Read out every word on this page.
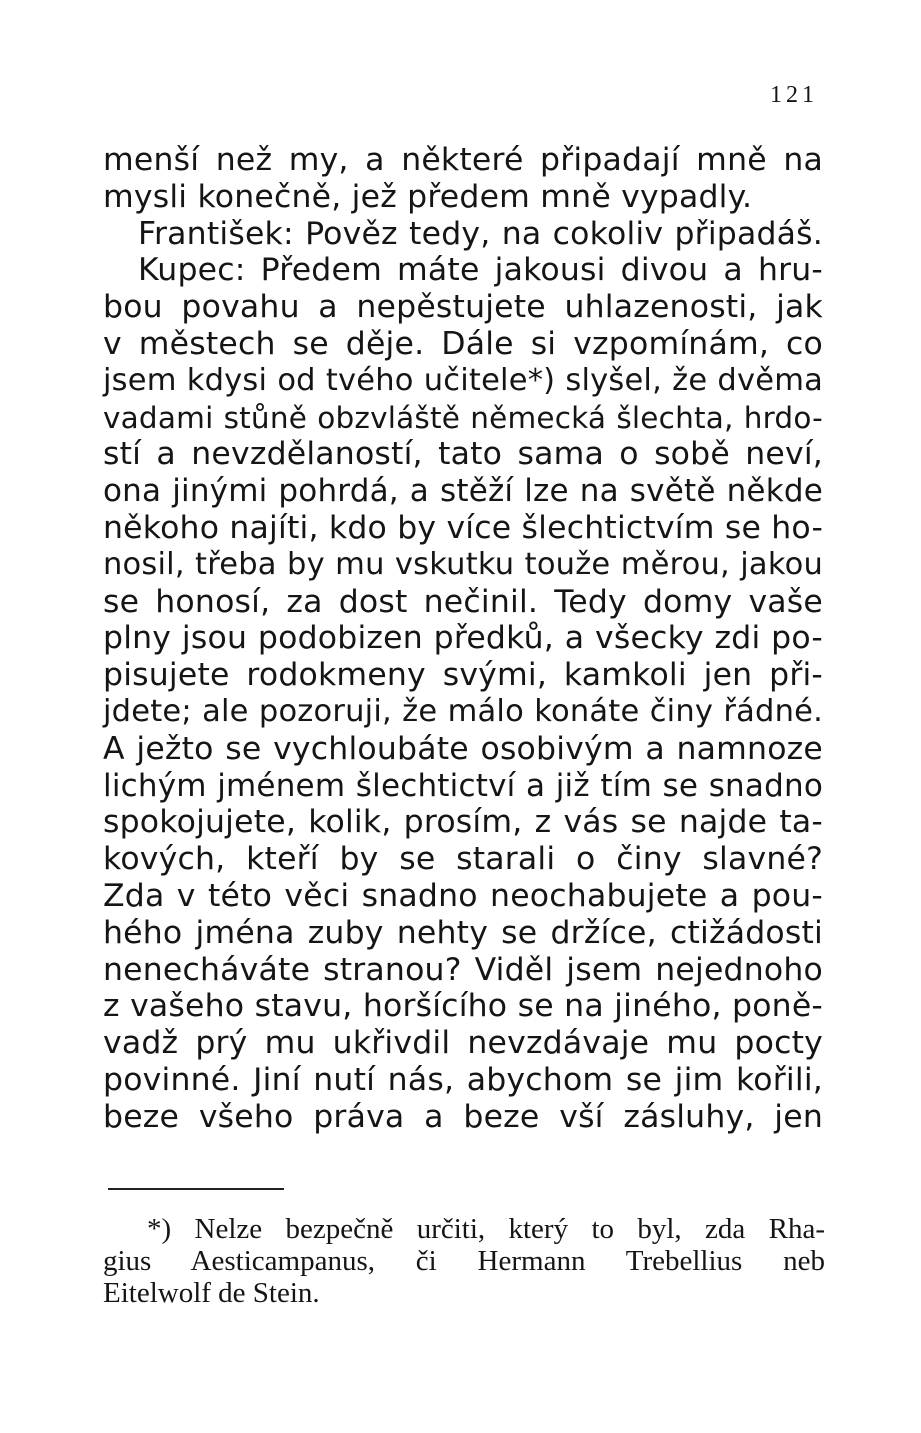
121
menší než my, a některé připadají mně na
mysli konečně, jež předem mně vypadly.
František: Pověz tedy, na cokoliv připadáš.
Kupec: Předem máte jakousi divou a hru-
bou povahu a nepěstujete uhlazenosti, jak
v městech se děje. Dále si vzpomínám, co
jsem kdysi od tvého učitele*) slyšel, že dvěma
vadami stůně obzvláště německá šlechta, hrdo-
stí a nevzdělaností, tato sama o sobě neví,
ona jinými pohrdá, a stěží lze na světě někde
někoho najíti, kdo by více šlechtictvím se ho-
nosil, třeba by mu vskutku touže měrou, jakou
se honosí, za dost nečinil. Tedy domy vaše
plny jsou podobizen předků, a všecky zdi po-
pisujete rodokmeny svými, kamkoli jen při-
jdete; ale pozoruji, že málo konáte činy řádné.
A ježto se vychloubáte osobivým a namnoze
lichým jménem šlechtictví a již tím se snadno
spokojujete, kolik, prosím, z vás se najde ta-
kových, kteří by se starali o činy slavné?
Zda v této věci snadno neochabujete a pou-
hého jména zuby nehty se držíce, ctižádosti
nenecháváte stranou? Viděl jsem nejednoho
z vašeho stavu, horšícího se na jiného, poně-
vadž prý mu ukřivdil nevzdávaje mu pocty
povinné. Jiní nutí nás, abychom se jim kořili,
beze všeho práva a beze vší zásluhy, jen
*) Nelze bezpečně určiti, který to byl, zda Rha-
gius Aesticampanus, či Hermann Trebellius neb
Eitelwolf de Stein.
